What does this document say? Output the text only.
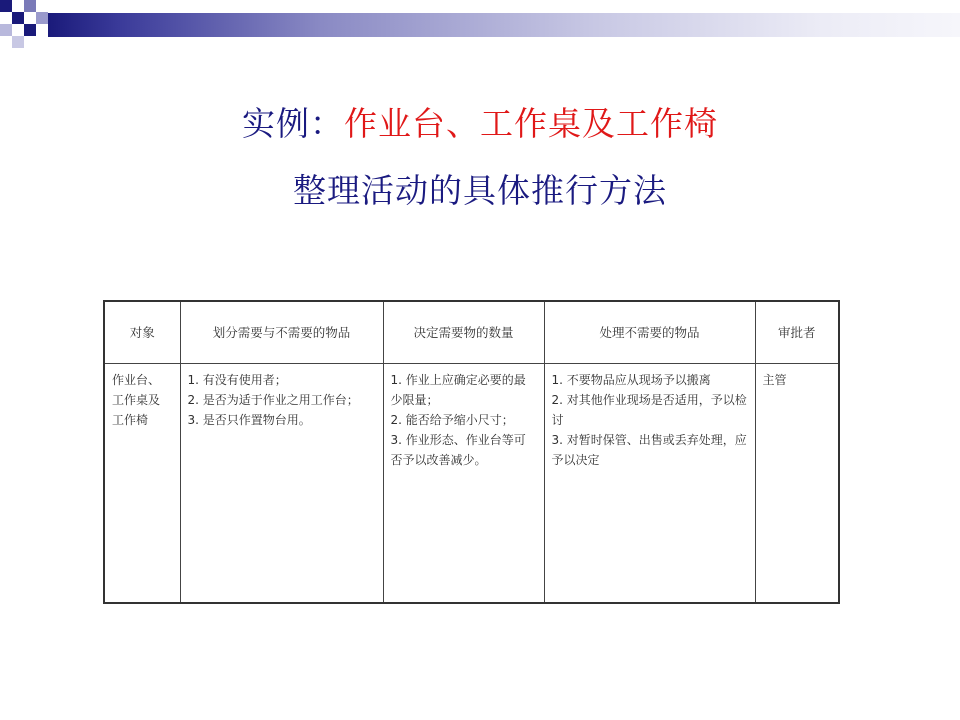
实例：作业台、工作桌及工作椅
整理活动的具体推行方法
对象	划分需要与不需要的物品	决定需要物的数量	处理不需要的物品	审批者
作业台、工作桌及工作椅	1. 有没有使用者；
2. 是否为适于作业之用工作台；
3. 是否只作置物台用。	1. 作业上应确定必要的最少限量；
2. 能否给予缩小尺寸；
3. 作业形态、作业台等可否予以改善减少。	1. 不要物品应从现场予以搬离
2. 对其他作业现场是否适用，予以检讨
3. 对暂时保管、出售或丢弃处理，应予以决定	主管
